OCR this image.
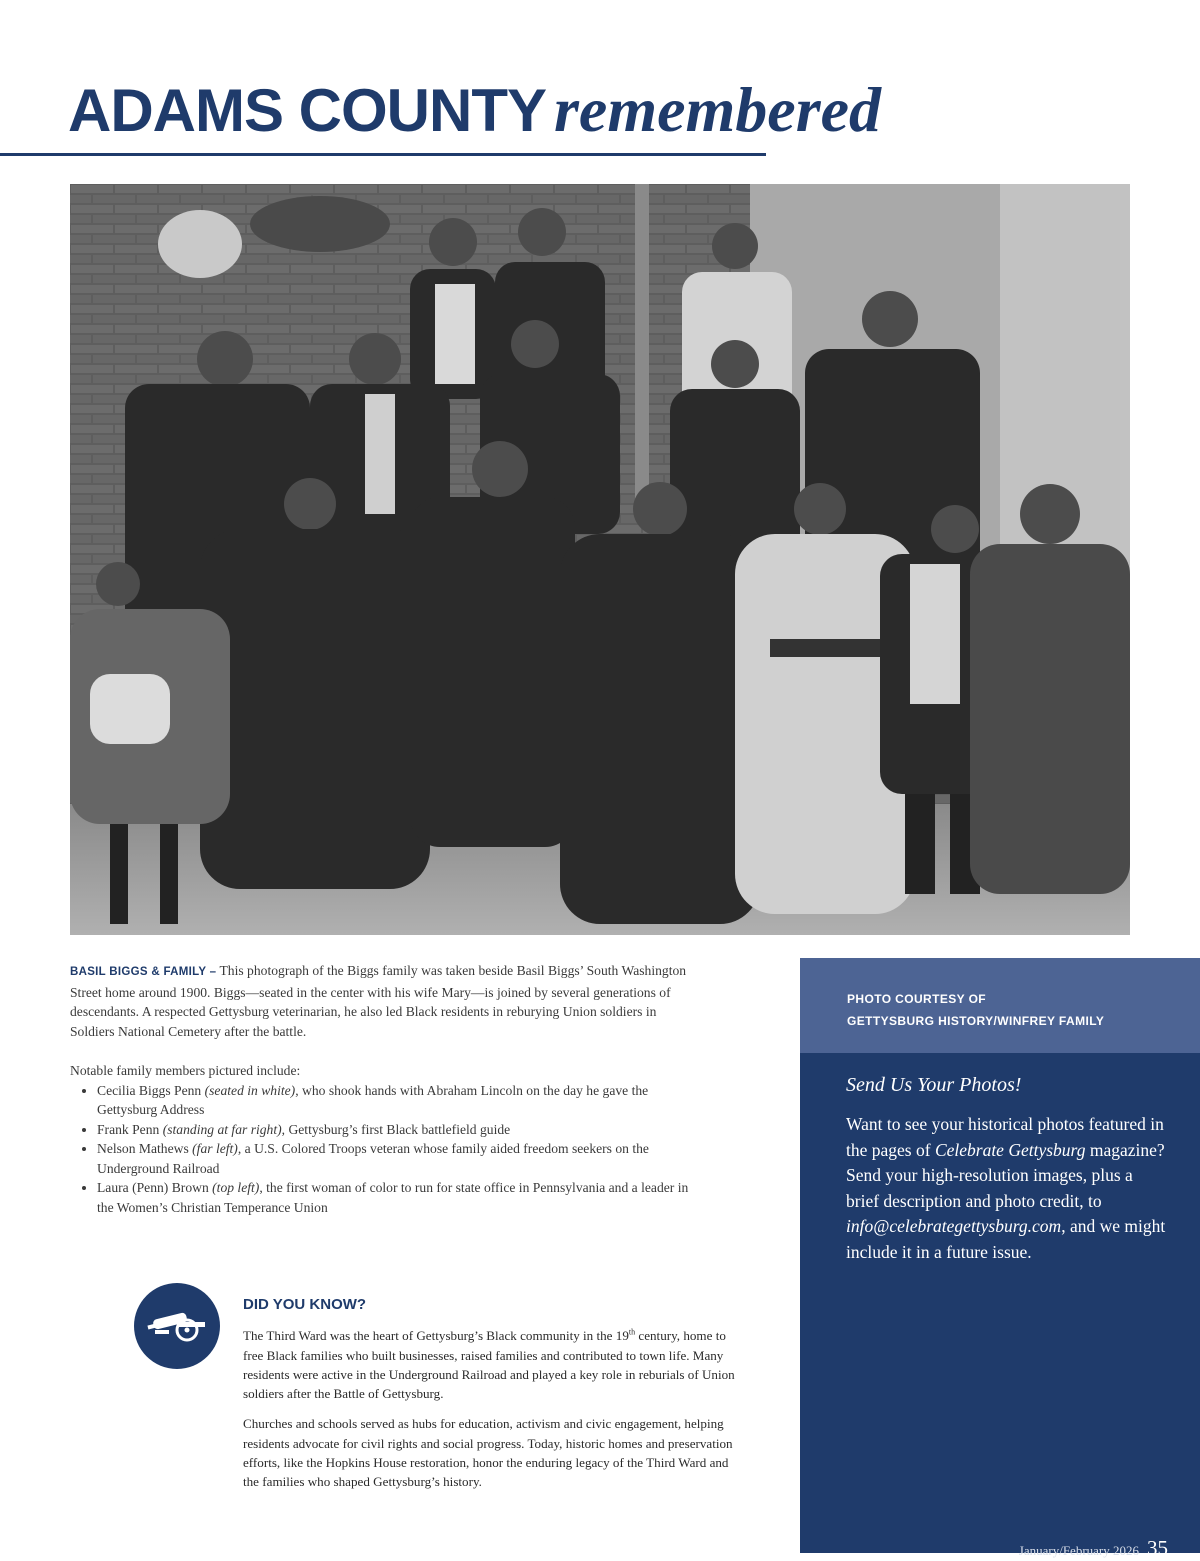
ADAMS COUNTY remembered

BASIL BIGGS & FAMILY – This photograph of the Biggs family was taken beside Basil Biggs’ South Washington Street home around 1900. Biggs—seated in the center with his wife Mary—is joined by several generations of descendants. A respected Gettysburg veterinarian, he also led Black residents in reburying Union soldiers in Soldiers National Cemetery after the battle.

Notable family members pictured include:

• Cecilia Biggs Penn (seated in white), who shook hands with Abraham Lincoln on the day he gave the Gettysburg Address
• Frank Penn (standing at far right), Gettysburg’s first Black battlefield guide
• Nelson Mathews (far left), a U.S. Colored Troops veteran whose family aided freedom seekers on the Underground Railroad
• Laura (Penn) Brown (top left), the first woman of color to run for state office in Pennsylvania and a leader in the Women’s Christian Temperance Union
DID YOU KNOW?

The Third Ward was the heart of Gettysburg’s Black community in the 19th century, home to free Black families who built businesses, raised families and contributed to town life. Many residents were active in the Underground Railroad and played a key role in reburials of Union soldiers after the Battle of Gettysburg.

Churches and schools served as hubs for education, activism and civic engagement, helping residents advocate for civil rights and social progress. Today, historic homes and preservation efforts, like the Hopkins House restoration, honor the enduring legacy of the Third Ward and the families who shaped Gettysburg’s history.

PHOTO COURTESY OF
GETTYSBURG HISTORY/WINFREY FAMILY
Send Us Your Photos!
Want to see your historical photos featured in the pages of Celebrate Gettysburg magazine? Send your high-resolution images, plus a brief description and photo credit, to info@celebrategettysburg.com, and we might include it in a future issue.
January/February 2026 35
